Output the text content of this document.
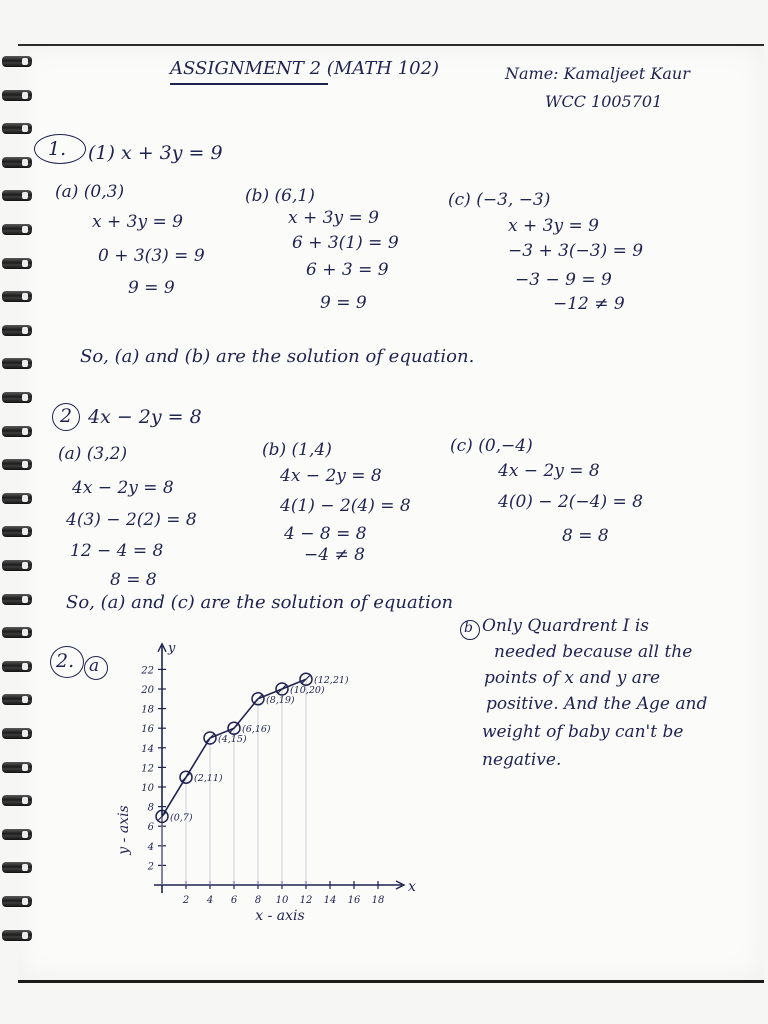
ASSIGNMENT 2 (MATH 102)	Name: Kamaljeet Kaur
WCC 1005701
1. (1) x + 3y = 9
(a) (0,3)
x + 3y = 9
0 + 3(3) = 9
9 = 9
(b) (6,1)
x + 3y = 9
6 + 3(1) = 9
6 + 3 = 9
9 = 9
(c) (−3, −3)
x + 3y = 9
−3 + 3(−3) = 9
−3 − 9 = 9
−12 ≠ 9
So, (a) and (b) are the solution of equation.
2 4x − 2y = 8
(a) (3,2)
4x − 2y = 8
4(3) − 2(2) = 8
12 − 4 = 8
8 = 8
(b) (1,4)
4x − 2y = 8
4(1) − 2(4) = 8
4 − 8 = 8
−4 ≠ 8
(c) (0,−4)
4x − 2y = 8
4(0) − 2(−4) = 8
8 = 8
So, (a) and (c) are the solution of equation
2. a
b Only Quardrent I is
needed because all the
points of x and y are
positive. And the Age and
weight of baby can't be
negative.
y - axis
x - axis
x
y
2 4 6 8 10 12 14 16 18
2
4
6
8
10
12
14
16
18
20
22
(0,7)
(2,11)
(4,15)
(6,16)
(8,19)
(10,20)
(12,21)
